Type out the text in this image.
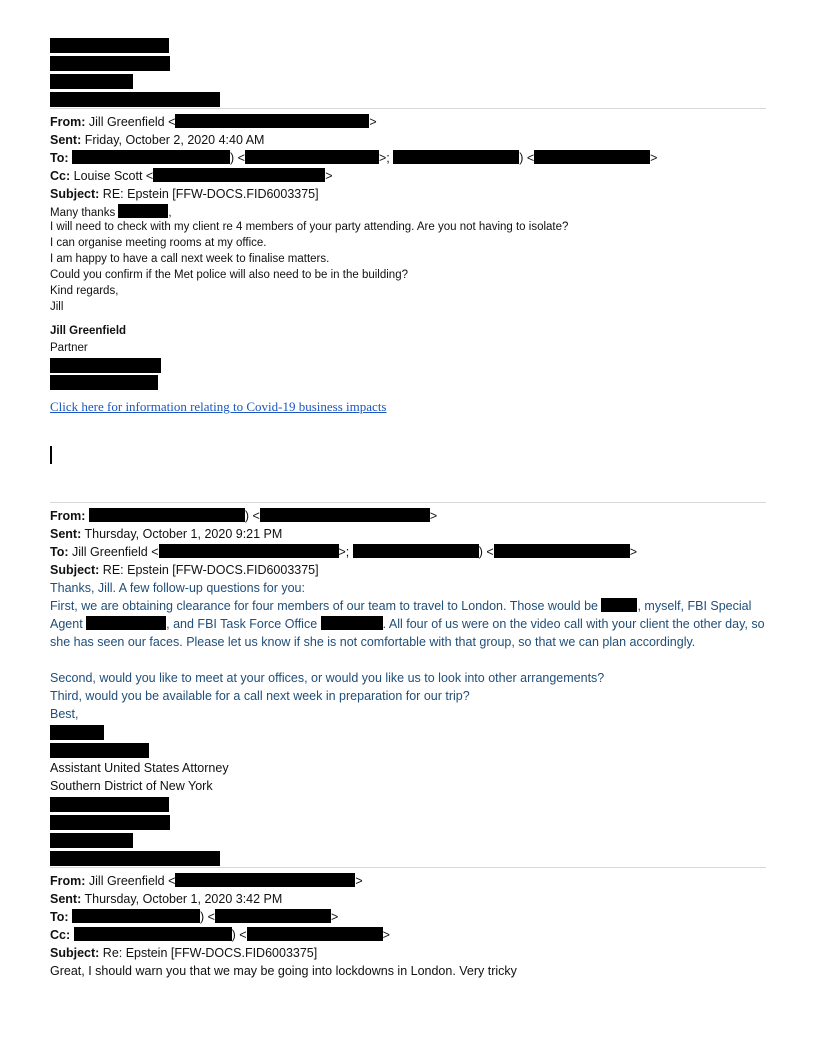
From: Jill Greenfield <	>
Sent: Friday, October 2, 2020 4:40 AM
To:	) <	>;	) <	>
Cc: Louise Scott <	>
Subject: RE: Epstein [FFW-DOCS.FID6003375]
Many thanks	,
I will need to check with my client re 4 members of your party attending. Are you not having to isolate?
I can organise meeting rooms at my office.
I am happy to have a call next week to finalise matters.
Could you confirm if the Met police will also need to be in the building?
Kind regards,
Jill
Jill Greenfield
Partner
Click here for information relating to Covid-19 business impacts
From:	) <	>
Sent: Thursday, October 1, 2020 9:21 PM
To: Jill Greenfield <	>;	) <	>
Subject: RE: Epstein [FFW-DOCS.FID6003375]
Thanks, Jill. A few follow-up questions for you:
First, we are obtaining clearance for four members of our team to travel to London. Those would be	, myself, FBI Special Agent	, and FBI Task Force Office	. All four of us were on the video call with your client the other day, so she has seen our faces. Please let us know if she is not comfortable with that group, so that we can plan accordingly.
Second, would you like to meet at your offices, or would you like us to look into other arrangements?
Third, would you be available for a call next week in preparation for our trip?
Best,
Assistant United States Attorney
Southern District of New York
From: Jill Greenfield <	>
Sent: Thursday, October 1, 2020 3:42 PM
To:	) <	>
Cc:	) <	>
Subject: Re: Epstein [FFW-DOCS.FID6003375]
Great, I should warn you that we may be going into lockdowns in London. Very tricky
